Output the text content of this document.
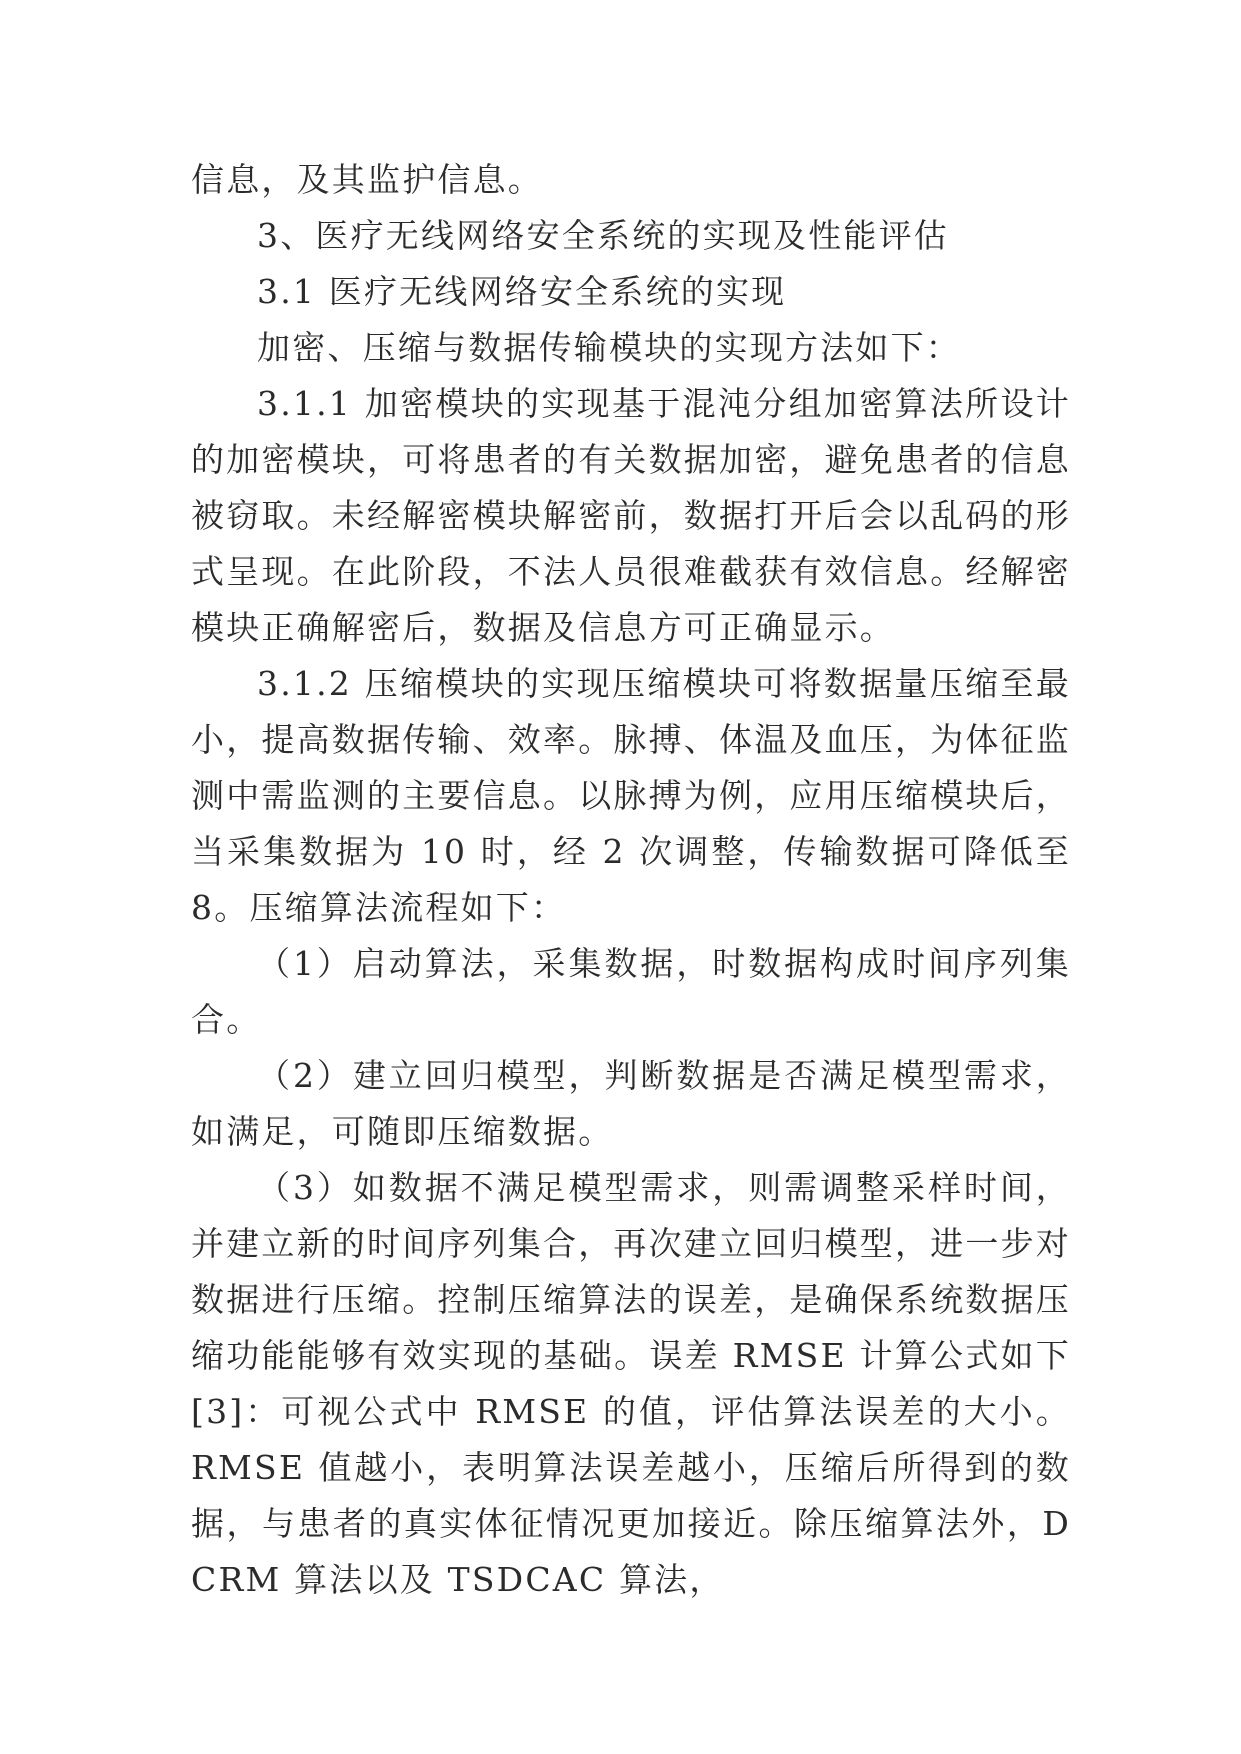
信息，及其监护信息。

3、医疗无线网络安全系统的实现及性能评估

3.1 医疗无线网络安全系统的实现

加密、压缩与数据传输模块的实现方法如下：

3.1.1 加密模块的实现基于混沌分组加密算法所设计的加密模块，可将患者的有关数据加密，避免患者的信息被窃取。未经解密模块解密前，数据打开后会以乱码的形式呈现。在此阶段，不法人员很难截获有效信息。经解密模块正确解密后，数据及信息方可正确显示。

3.1.2 压缩模块的实现压缩模块可将数据量压缩至最小，提高数据传输、效率。脉搏、体温及血压，为体征监测中需监测的主要信息。以脉搏为例，应用压缩模块后，当采集数据为 10 时，经 2 次调整，传输数据可降低至 8。压缩算法流程如下：

（1）启动算法，采集数据，时数据构成时间序列集合。

（2）建立回归模型，判断数据是否满足模型需求，如满足，可随即压缩数据。

（3）如数据不满足模型需求，则需调整采样时间，并建立新的时间序列集合，再次建立回归模型，进一步对数据进行压缩。控制压缩算法的误差，是确保系统数据压缩功能能够有效实现的基础。误差 RMSE 计算公式如下[3]：可视公式中 RMSE 的值，评估算法误差的大小。RMSE 值越小，表明算法误差越小，压缩后所得到的数据，与患者的真实体征情况更加接近。除压缩算法外，DCRM 算法以及 TSDCAC 算法，
